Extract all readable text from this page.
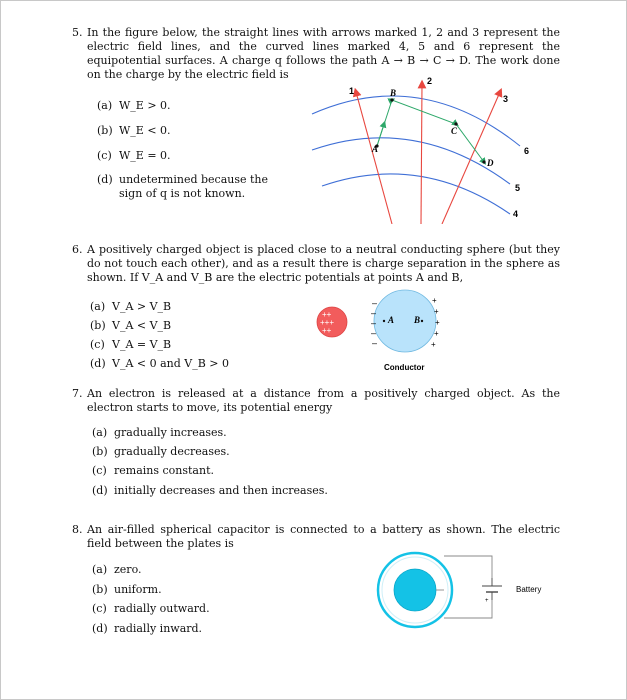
5. In the figure below, the straight lines with arrows marked 1, 2 and 3 represent the electric field lines, and the curved lines marked 4, 5 and 6 represent the equipotential surfaces. A charge q follows the path A → B → C → D. The work done on the charge by the electric field is
(a) W_E > 0.
(b) W_E < 0.
(c) W_E = 0.
(d) undetermined because the
sign of q is not known.
A
B
C
D
1
2
3
4
5
6
6. A positively charged object is placed close to a neutral conducting sphere (but they do not touch each other), and as a result there is charge separation in the sphere as shown. If V_A and V_B are the electric potentials at points A and B,
(a) V_A > V_B
(b) V_A < V_B
(c) V_A = V_B
(d) V_A < 0 and V_B > 0
+++
++
++
–
–
–
–
–
+
+
+
+
+
A B
Conductor
7. An electron is released at a distance from a positively charged object. As the electron starts to move, its potential energy
(a) gradually increases.
(b) gradually decreases.
(c) remains constant.
(d) initially decreases and then increases.
8. An air-filled spherical capacitor is connected to a battery as shown. The electric field between the plates is
(a) zero.
(b) uniform.
(c) radially outward.
(d) radially inward.
+
Battery
